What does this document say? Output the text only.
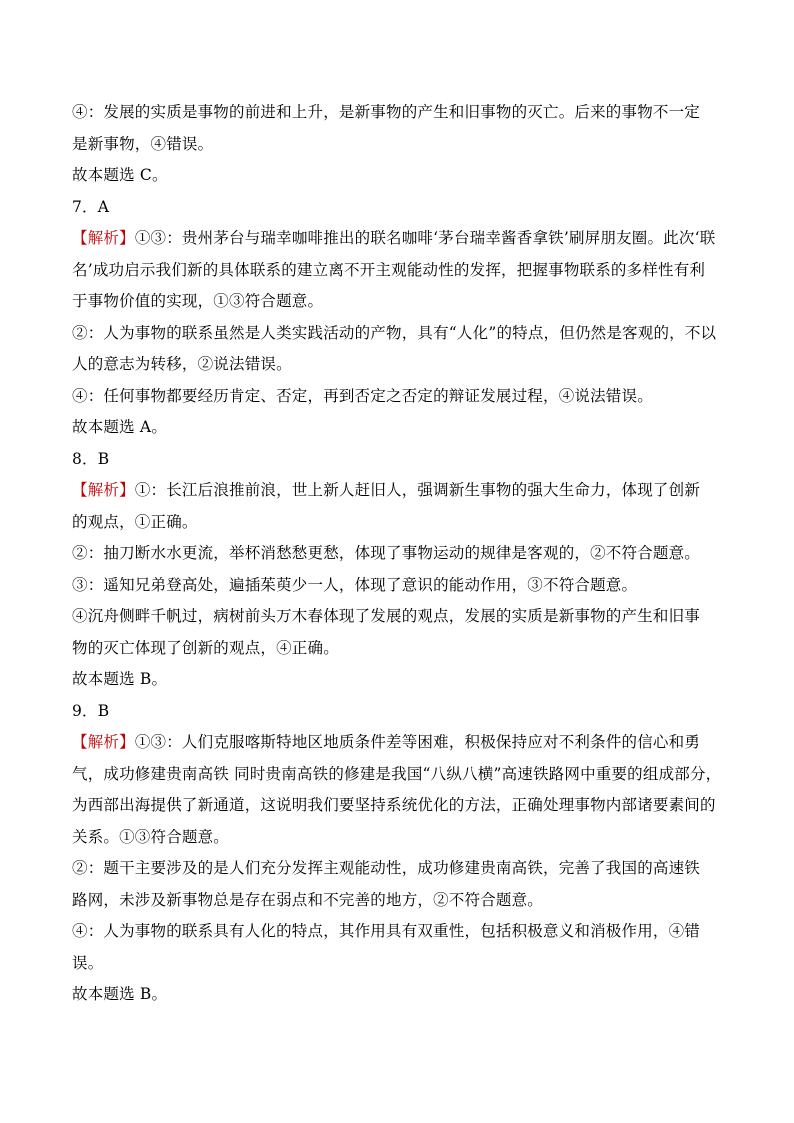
④：发展的实质是事物的前进和上升，是新事物的产生和旧事物的灭亡。后来的事物不一定
是新事物，④错误。
故本题选 C。
7．A
【解析】①③：贵州茅台与瑞幸咖啡推出的联名咖啡‘茅台瑞幸酱香拿铁’刷屏朋友圈。此次‘联
名’成功启示我们新的具体联系的建立离不开主观能动性的发挥，把握事物联系的多样性有利
于事物价值的实现，①③符合题意。
②：人为事物的联系虽然是人类实践活动的产物，具有“人化”的特点，但仍然是客观的，不以
人的意志为转移，②说法错误。
④：任何事物都要经历肯定、否定，再到否定之否定的辩证发展过程，④说法错误。
故本题选 A。
8．B
【解析】①：长江后浪推前浪，世上新人赶旧人，强调新生事物的强大生命力，体现了创新
的观点，①正确。
②：抽刀断水水更流，举杯消愁愁更愁，体现了事物运动的规律是客观的，②不符合题意。
③：遥知兄弟登高处，遍插茱萸少一人，体现了意识的能动作用，③不符合题意。
④沉舟侧畔千帆过，病树前头万木春体现了发展的观点，发展的实质是新事物的产生和旧事
物的灭亡体现了创新的观点，④正确。
故本题选 B。
9．B
【解析】①③：人们克服喀斯特地区地质条件差等困难，积极保持应对不利条件的信心和勇
气，成功修建贵南高铁 同时贵南高铁的修建是我国“八纵八横”高速铁路网中重要的组成部分，
为西部出海提供了新通道，这说明我们要坚持系统优化的方法，正确处理事物内部诸要素间的
关系。①③符合题意。
②：题干主要涉及的是人们充分发挥主观能动性，成功修建贵南高铁，完善了我国的高速铁
路网，未涉及新事物总是存在弱点和不完善的地方，②不符合题意。
④：人为事物的联系具有人化的特点，其作用具有双重性，包括积极意义和消极作用，④错
误。
故本题选 B。
